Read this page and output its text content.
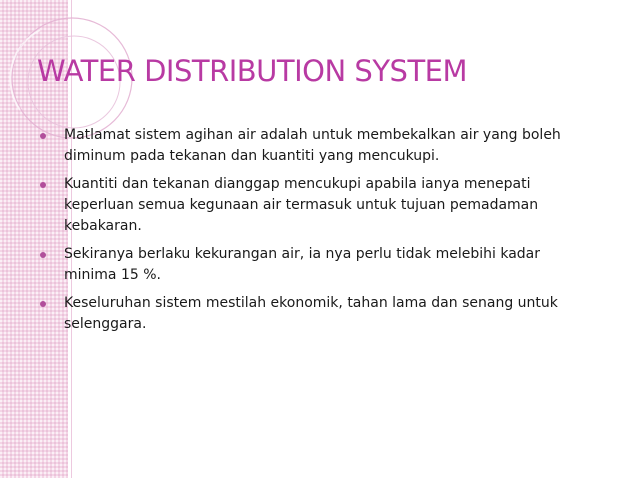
WATER DISTRIBUTION SYSTEM
Matlamat sistem agihan air adalah untuk membekalkan air yang boleh diminum pada tekanan dan kuantiti yang mencukupi.
Kuantiti dan tekanan dianggap mencukupi apabila ianya menepati keperluan semua kegunaan air termasuk untuk tujuan pemadaman kebakaran.
Sekiranya berlaku kekurangan air, ia nya perlu tidak melebihi kadar minima 15 %.
Keseluruhan sistem mestilah ekonomik, tahan lama dan senang untuk selenggara.
